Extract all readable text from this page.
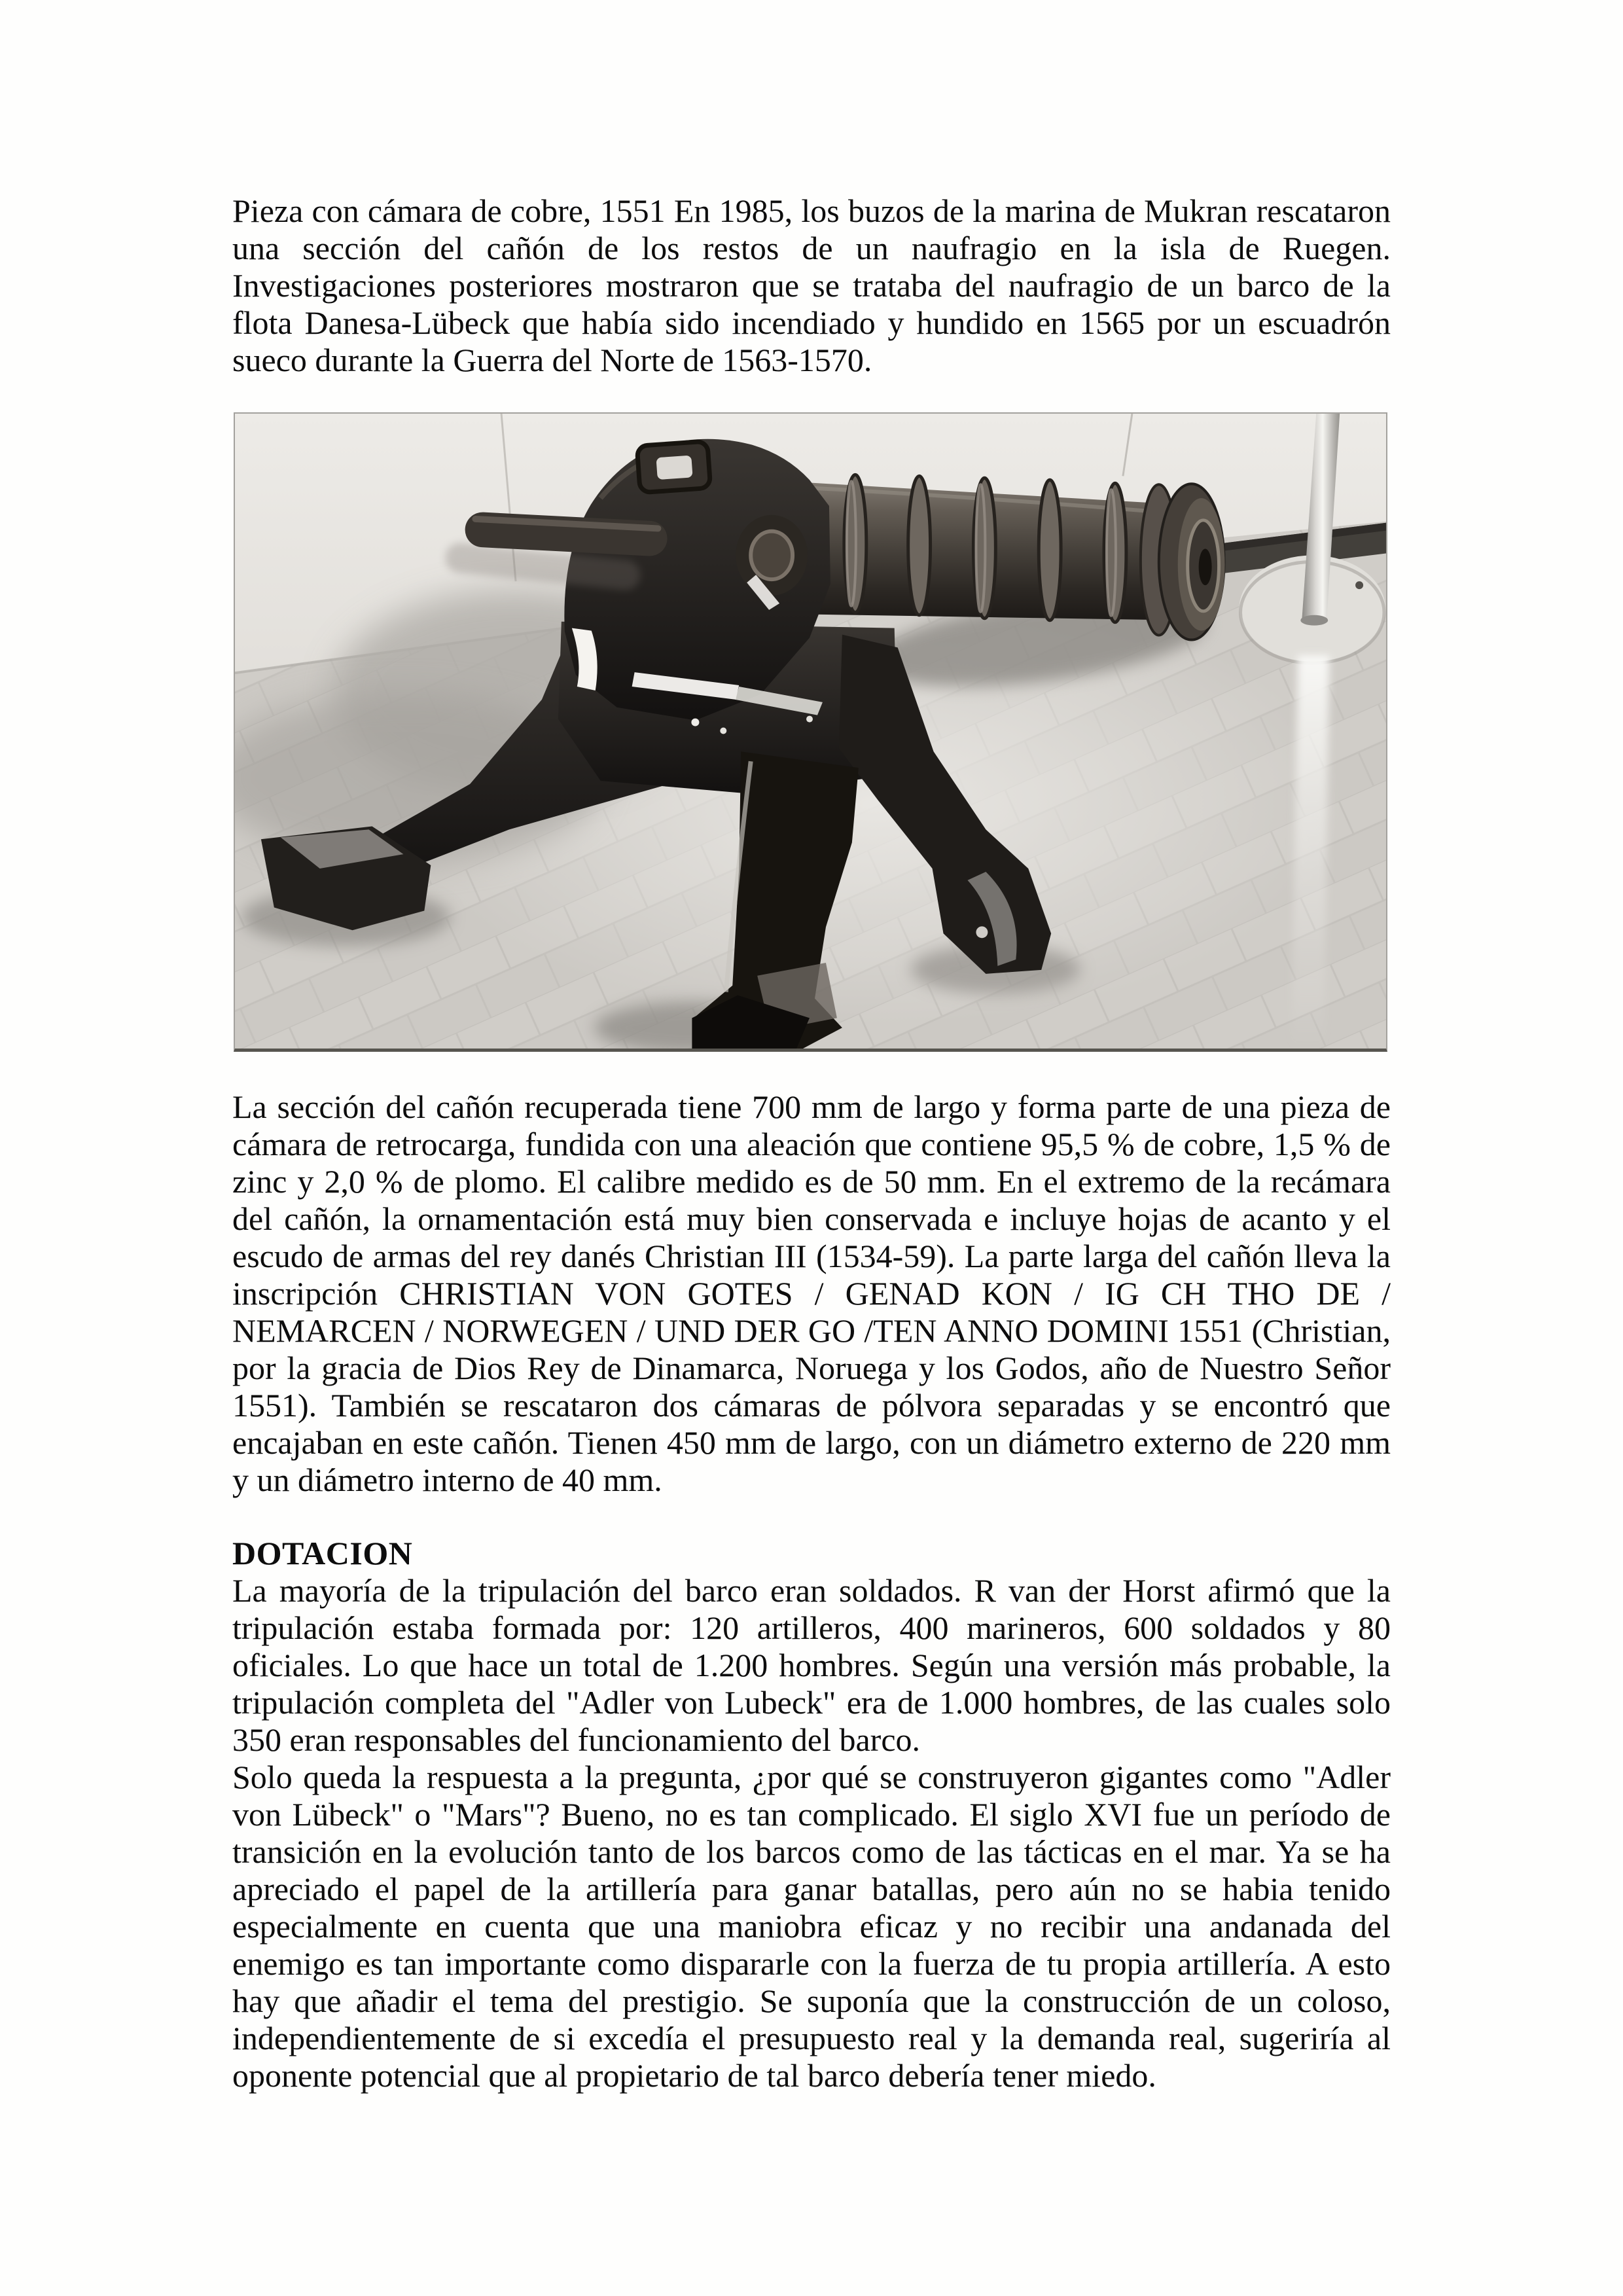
Pieza con cámara de cobre, 1551 En 1985, los buzos de la marina de Mukran rescataron
una sección del cañón de los restos de un naufragio en la isla de Ruegen.
Investigaciones posteriores mostraron que se trataba del naufragio de un barco de la
flota Danesa-Lübeck que había sido incendiado y hundido en 1565 por un escuadrón
sueco durante la Guerra del Norte de 1563-1570.
La sección del cañón recuperada tiene 700 mm de largo y forma parte de una pieza de
cámara de retrocarga, fundida con una aleación que contiene 95,5 % de cobre, 1,5 % de
zinc y 2,0 % de plomo. El calibre medido es de 50 mm. En el extremo de la recámara
del cañón, la ornamentación está muy bien conservada e incluye hojas de acanto y el
escudo de armas del rey danés Christian III (1534-59). La parte larga del cañón lleva la
inscripción CHRISTIAN VON GOTES / GENAD KON / IG CH THO DE /
NEMARCEN / NORWEGEN / UND DER GO /TEN ANNO DOMINI 1551 (Christian,
por la gracia de Dios Rey de Dinamarca, Noruega y los Godos, año de Nuestro Señor
1551). También se rescataron dos cámaras de pólvora separadas y se encontró que
encajaban en este cañón. Tienen 450 mm de largo, con un diámetro externo de 220 mm
y un diámetro interno de 40 mm.
DOTACION
La mayoría de la tripulación del barco eran soldados. R van der Horst afirmó que la
tripulación estaba formada por: 120 artilleros, 400 marineros, 600 soldados y 80
oficiales. Lo que hace un total de 1.200 hombres. Según una versión más probable, la
tripulación completa del "Adler von Lubeck" era de 1.000 hombres, de las cuales solo
350 eran responsables del funcionamiento del barco.
Solo queda la respuesta a la pregunta, ¿por qué se construyeron gigantes como "Adler
von Lübeck" o "Mars"? Bueno, no es tan complicado. El siglo XVI fue un período de
transición en la evolución tanto de los barcos como de las tácticas en el mar. Ya se ha
apreciado el papel de la artillería para ganar batallas, pero aún no se habia tenido
especialmente en cuenta que una maniobra eficaz y no recibir una andanada del
enemigo es tan importante como dispararle con la fuerza de tu propia artillería. A esto
hay que añadir el tema del prestigio. Se suponía que la construcción de un coloso,
independientemente de si excedía el presupuesto real y la demanda real, sugeriría al
oponente potencial que al propietario de tal barco debería tener miedo.
